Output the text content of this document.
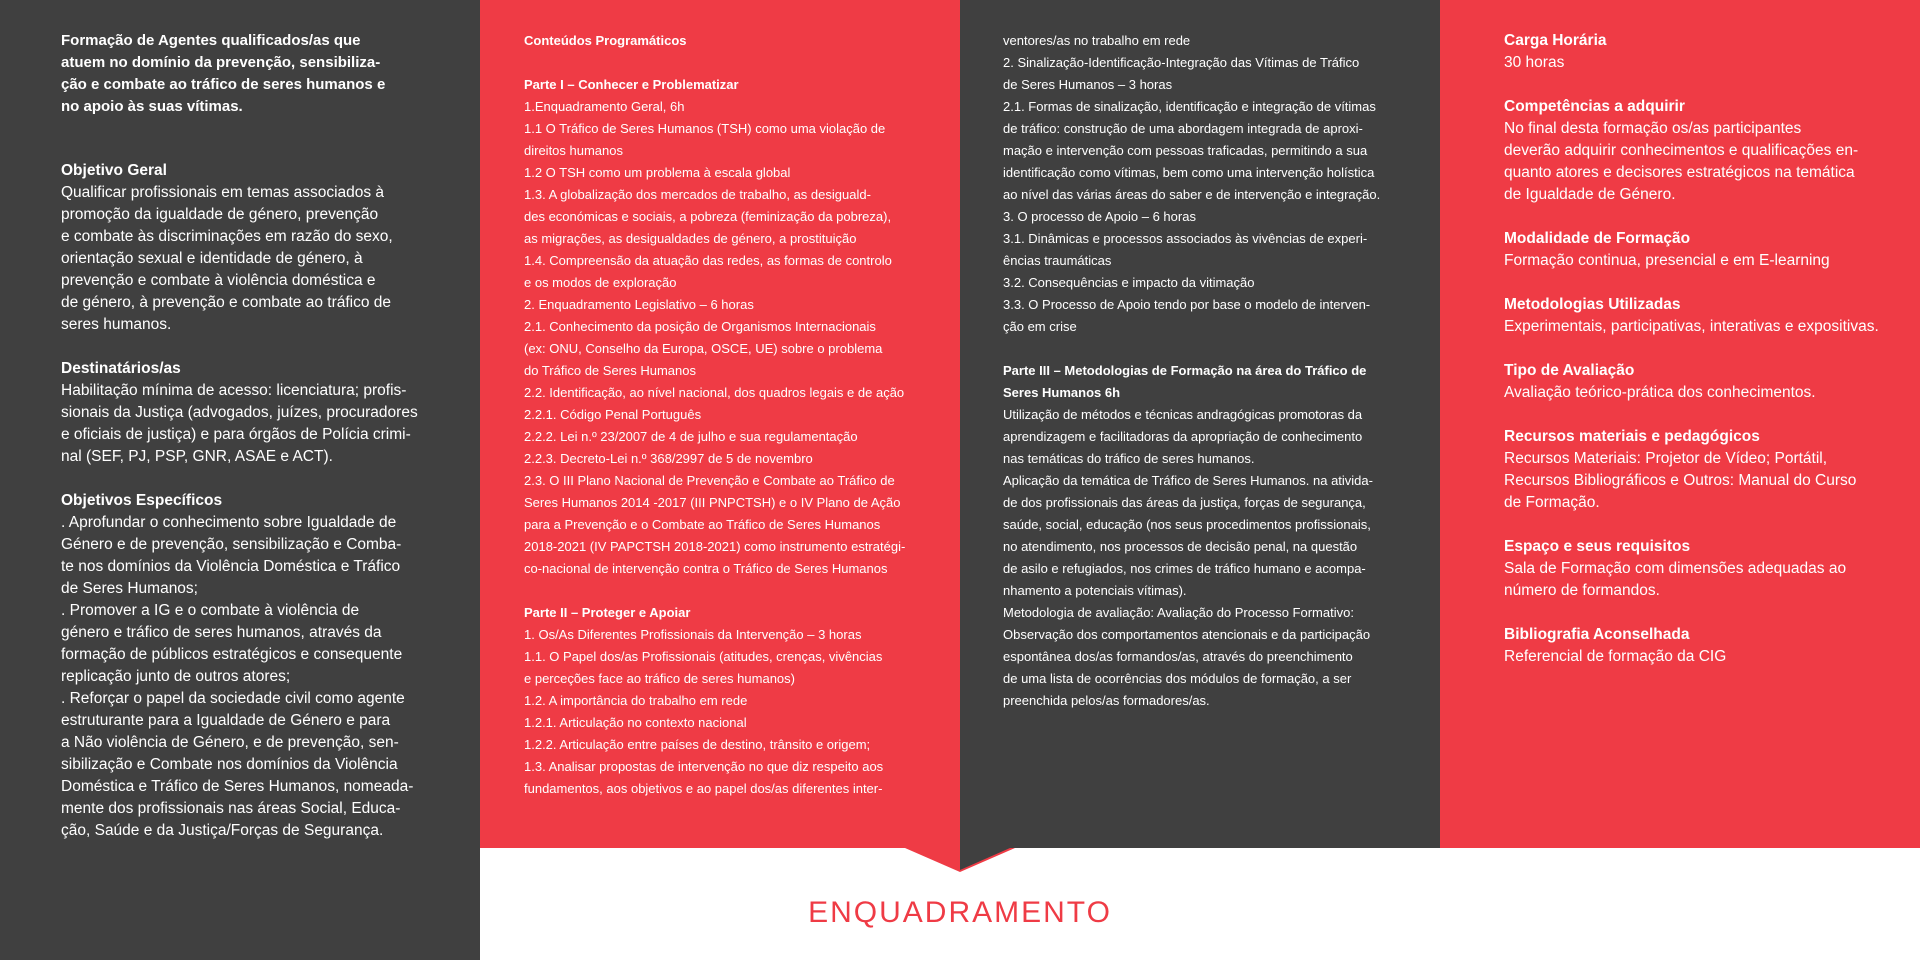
Formação de Agentes qualificados/as que
atuem no domínio da prevenção, sensibiliza-
ção e combate ao tráfico de seres humanos e
no apoio às suas vítimas.

Objetivo Geral

Qualificar profissionais em temas associados à

promoção da igualdade de género, prevenção

e combate às discriminações em razão do sexo,

orientação sexual e identidade de género, à

prevenção e combate à violência doméstica e

de género, à prevenção e combate ao tráfico de

seres humanos.

Destinatários/as

Habilitação mínima de acesso: licenciatura; profis-

sionais da Justiça (advogados, juízes, procuradores

e oficiais de justiça) e para órgãos de Polícia crimi-

nal (SEF, PJ, PSP, GNR, ASAE e ACT).

Objetivos Específicos

. Aprofundar o conhecimento sobre Igualdade de

Género e de prevenção, sensibilização e Comba-

te nos domínios da Violência Doméstica e Tráfico

de Seres Humanos;

. Promover a IG e o combate à violência de

género e tráfico de seres humanos, através da

formação de públicos estratégicos e consequente

replicação junto de outros atores;

. Reforçar o papel da sociedade civil como agente

estruturante para a Igualdade de Género e para

a Não violência de Género, e de prevenção, sen-

sibilização e Combate nos domínios da Violência

Doméstica e Tráfico de Seres Humanos, nomeada-

mente dos profissionais nas áreas Social, Educa-

ção, Saúde e da Justiça/Forças de Segurança.

Conteúdos Programáticos

Parte I – Conhecer e Problematizar

1.Enquadramento Geral, 6h

1.1 O Tráfico de Seres Humanos (TSH) como uma violação de

direitos humanos

1.2 O TSH como um problema à escala global

1.3. A globalização dos mercados de trabalho, as desiguald-

des económicas e sociais, a pobreza (feminização da pobreza),

as migrações, as desigualdades de género, a prostituição

1.4. Compreensão da atuação das redes, as formas de controlo

e os modos de exploração

2. Enquadramento Legislativo – 6 horas

2.1. Conhecimento da posição de Organismos Internacionais

(ex: ONU, Conselho da Europa, OSCE, UE) sobre o problema

do Tráfico de Seres Humanos

2.2. Identificação, ao nível nacional, dos quadros legais e de ação

2.2.1. Código Penal Português

2.2.2. Lei n.º 23/2007 de 4 de julho e sua regulamentação

2.2.3. Decreto-Lei n.º 368/2997 de 5 de novembro

2.3. O III Plano Nacional de Prevenção e Combate ao Tráfico de

Seres Humanos 2014 -2017 (III PNPCTSH) e o IV Plano de Ação

para a Prevenção e o Combate ao Tráfico de Seres Humanos

2018-2021 (IV PAPCTSH 2018-2021) como instrumento estratégi-

co-nacional de intervenção contra o Tráfico de Seres Humanos

Parte II – Proteger e Apoiar

1. Os/As Diferentes Profissionais da Intervenção – 3 horas

1.1. O Papel dos/as Profissionais (atitudes, crenças, vivências

e perceções face ao tráfico de seres humanos)

1.2. A importância do trabalho em rede

1.2.1. Articulação no contexto nacional

1.2.2. Articulação entre países de destino, trânsito e origem;

1.3. Analisar propostas de intervenção no que diz respeito aos

fundamentos, aos objetivos e ao papel dos/as diferentes inter-

ventores/as no trabalho em rede

2. Sinalização-Identificação-Integração das Vítimas de Tráfico

de Seres Humanos – 3 horas

2.1. Formas de sinalização, identificação e integração de vítimas

de tráfico: construção de uma abordagem integrada de aproxi-

mação e intervenção com pessoas traficadas, permitindo a sua

identificação como vítimas, bem como uma intervenção holística

ao nível das várias áreas do saber e de intervenção e integração.

3. O processo de Apoio – 6 horas

3.1. Dinâmicas e processos associados às vivências de experi-

ências traumáticas

3.2. Consequências e impacto da vitimação

3.3. O Processo de Apoio tendo por base o modelo de interven-

ção em crise

Parte III – Metodologias de Formação na área do Tráfico de

Seres Humanos 6h

Utilização de métodos e técnicas andragógicas promotoras da

aprendizagem e facilitadoras da apropriação de conhecimento

nas temáticas do tráfico de seres humanos.

Aplicação da temática de Tráfico de Seres Humanos. na ativida-

de dos profissionais das áreas da justiça, forças de segurança,

saúde, social, educação (nos seus procedimentos profissionais,

no atendimento, nos processos de decisão penal, na questão

de asilo e refugiados, nos crimes de tráfico humano e acompa-

nhamento a potenciais vítimas).

Metodologia de avaliação: Avaliação do Processo Formativo:

Observação dos comportamentos atencionais e da participação

espontânea dos/as formandos/as, através do preenchimento

de uma lista de ocorrências dos módulos de formação, a ser

preenchida pelos/as formadores/as.

Carga Horária

30 horas

Competências a adquirir

No final desta formação os/as participantes

deverão adquirir conhecimentos e qualificações en-

quanto atores e decisores estratégicos na temática

de Igualdade de Género.

Modalidade de Formação

Formação continua, presencial e em E-learning

Metodologias Utilizadas

Experimentais, participativas, interativas e expositivas.

Tipo de Avaliação

Avaliação teórico-prática dos conhecimentos.

Recursos materiais e pedagógicos

Recursos Materiais: Projetor de Vídeo; Portátil,

Recursos Bibliográficos e Outros: Manual do Curso

de Formação.

Espaço e seus requisitos

Sala de Formação com dimensões adequadas ao

número de formandos.

Bibliografia Aconselhada

Referencial de formação da CIG

ENQUADRAMENTO
